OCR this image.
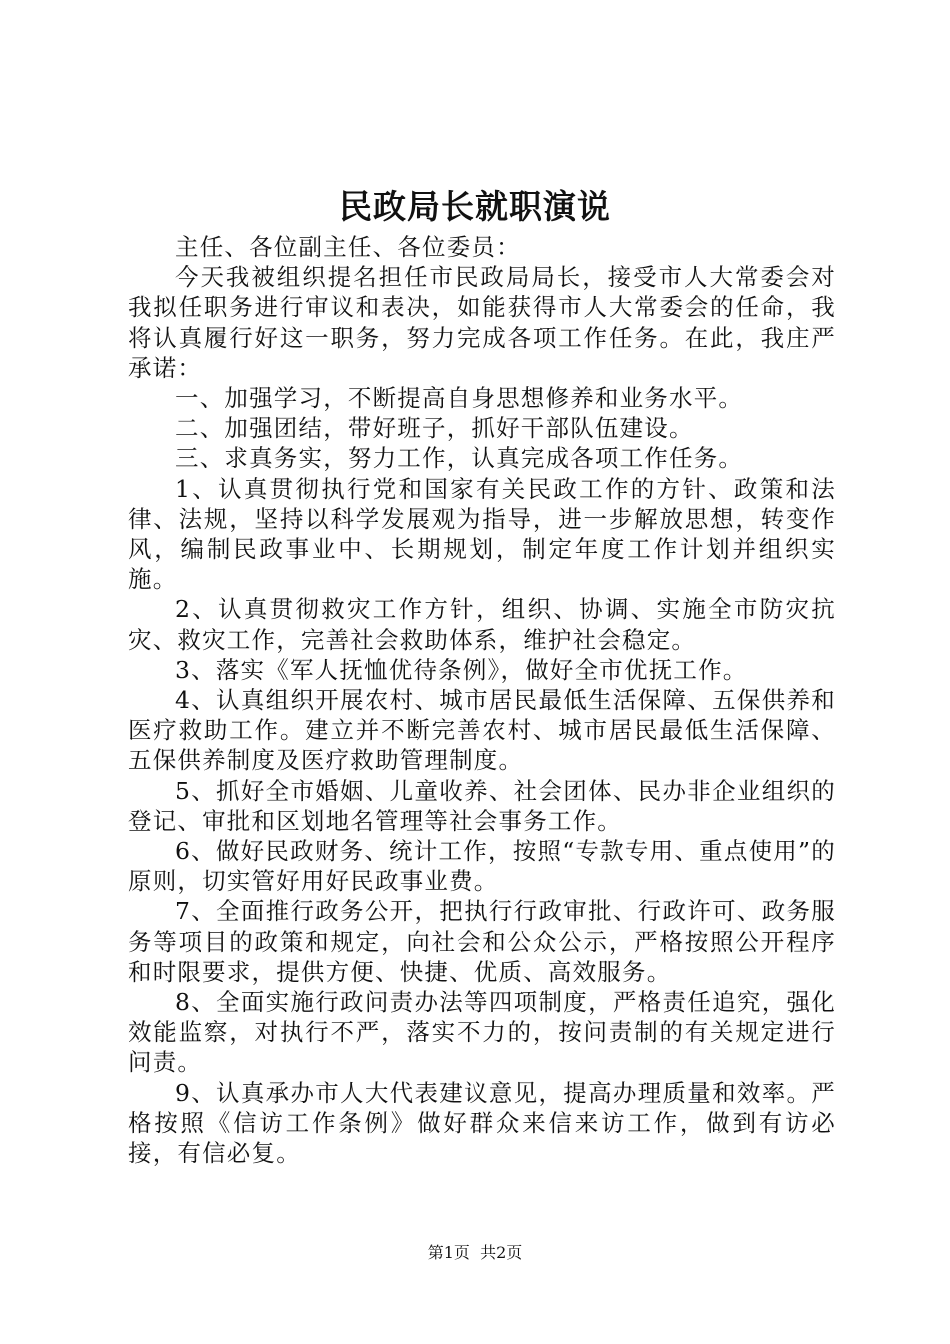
民政局长就职演说

主任、各位副主任、各位委员：

今天我被组织提名担任市民政局局长，接受市人大常委会对我拟任职务进行审议和表决，如能获得市人大常委会的任命，我将认真履行好这一职务，努力完成各项工作任务。在此，我庄严承诺：

一、加强学习，不断提高自身思想修养和业务水平。

二、加强团结，带好班子，抓好干部队伍建设。

三、求真务实，努力工作，认真完成各项工作任务。

1、认真贯彻执行党和国家有关民政工作的方针、政策和法律、法规，坚持以科学发展观为指导，进一步解放思想，转变作风，编制民政事业中、长期规划，制定年度工作计划并组织实施。

2、认真贯彻救灾工作方针，组织、协调、实施全市防灾抗灾、救灾工作，完善社会救助体系，维护社会稳定。

3、落实《军人抚恤优待条例》，做好全市优抚工作。

4、认真组织开展农村、城市居民最低生活保障、五保供养和医疗救助工作。建立并不断完善农村、城市居民最低生活保障、五保供养制度及医疗救助管理制度。

5、抓好全市婚姻、儿童收养、社会团体、民办非企业组织的登记、审批和区划地名管理等社会事务工作。

6、做好民政财务、统计工作，按照“专款专用、重点使用”的原则，切实管好用好民政事业费。

7、全面推行政务公开，把执行行政审批、行政许可、政务服务等项目的政策和规定，向社会和公众公示，严格按照公开程序和时限要求，提供方便、快捷、优质、高效服务。

8、全面实施行政问责办法等四项制度，严格责任追究，强化效能监察，对执行不严，落实不力的，按问责制的有关规定进行问责。

9、认真承办市人大代表建议意见，提高办理质量和效率。严格按照《信访工作条例》做好群众来信来访工作，做到有访必接，有信必复。

第1页 共2页
